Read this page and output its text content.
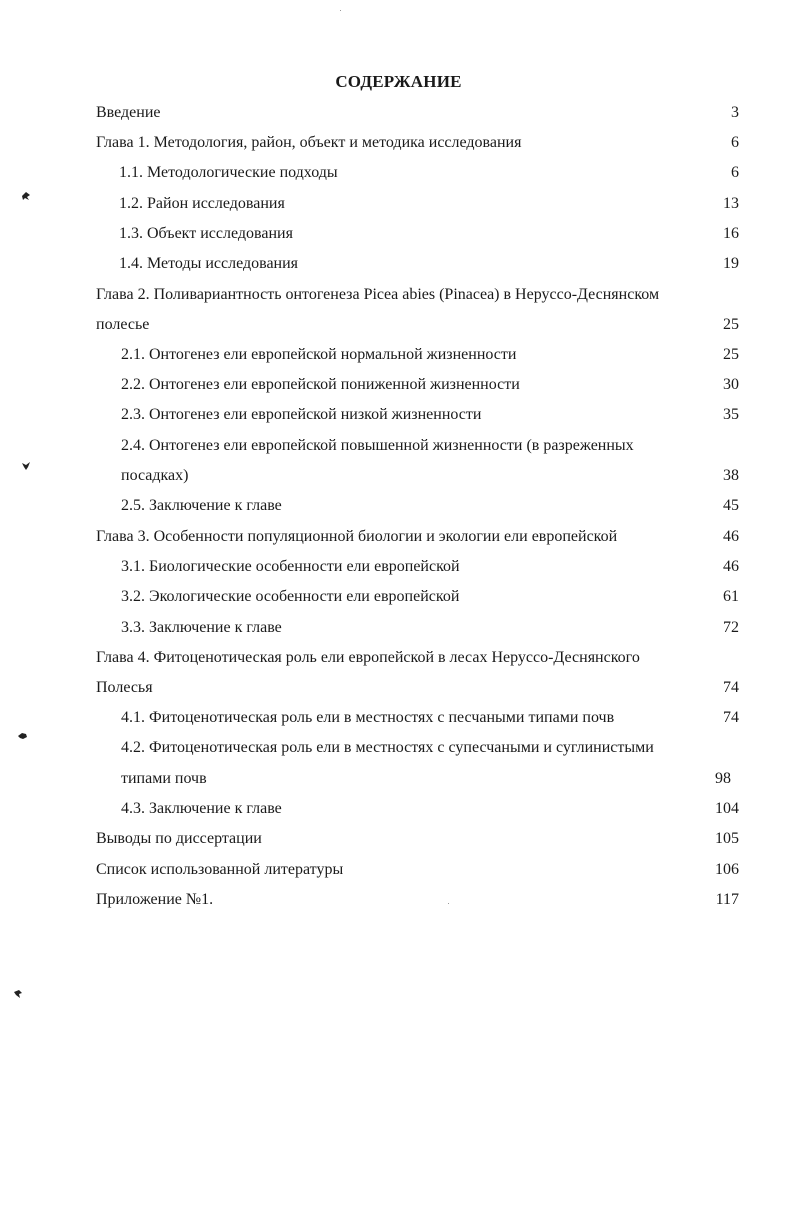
СОДЕРЖАНИЕ
Введение	3
Глава 1. Методология, район, объект и методика исследования	6
1.1. Методологические подходы	6
1.2. Район исследования	13
1.3. Объект исследования	16
1.4. Методы исследования	19
Глава 2. Поливариантность онтогенеза Picea abies (Pinacea) в Неруссо-Деснянском
полесье	25
2.1. Онтогенез ели европейской нормальной жизненности	25
2.2. Онтогенез ели европейской пониженной жизненности	30
2.3. Онтогенез ели европейской низкой жизненности	35
2.4. Онтогенез ели европейской повышенной жизненности (в разреженных
посадках)	38
2.5. Заключение к главе	45
Глава 3. Особенности популяционной биологии и экологии ели европейской	46
3.1. Биологические особенности ели европейской	46
3.2. Экологические особенности ели европейской	61
3.3. Заключение к главе	72
Глава 4. Фитоценотическая роль ели европейской в лесах Неруссо-Деснянского
Полесья	74
4.1. Фитоценотическая роль ели в местностях с песчаными типами почв	74
4.2. Фитоценотическая роль ели в местностях с супесчаными и суглинистыми
типами почв	98
4.3. Заключение к главе	104
Выводы по диссертации	105
Список использованной литературы	106
Приложение №1.	117
